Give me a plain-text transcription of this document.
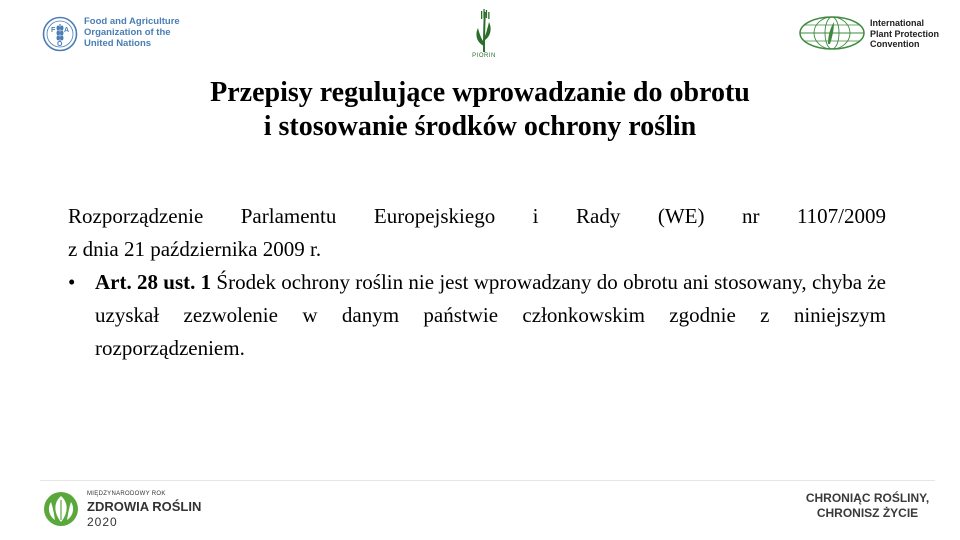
F A
O
Food and Agriculture
Organization of the
United Nations
PIORIN
International
Plant Protection
Convention
Przepisy regulujące wprowadzanie do obrotu
i stosowanie środków ochrony roślin

Rozporządzenie Parlamentu Europejskiego i Rady (WE) nr 1107/2009
z dnia 21 października 2009 r.

• Art. 28 ust. 1 Środek ochrony roślin nie jest wprowadzany do obrotu ani stosowany, chyba że uzyskał zezwolenie w danym państwie członkowskim zgodnie z niniejszym rozporządzeniem.

MIĘDZYNARODOWY ROK
ZDROWIA ROŚLIN
2020
CHRONIĄC ROŚLINY,
CHRONISZ ŻYCIE
